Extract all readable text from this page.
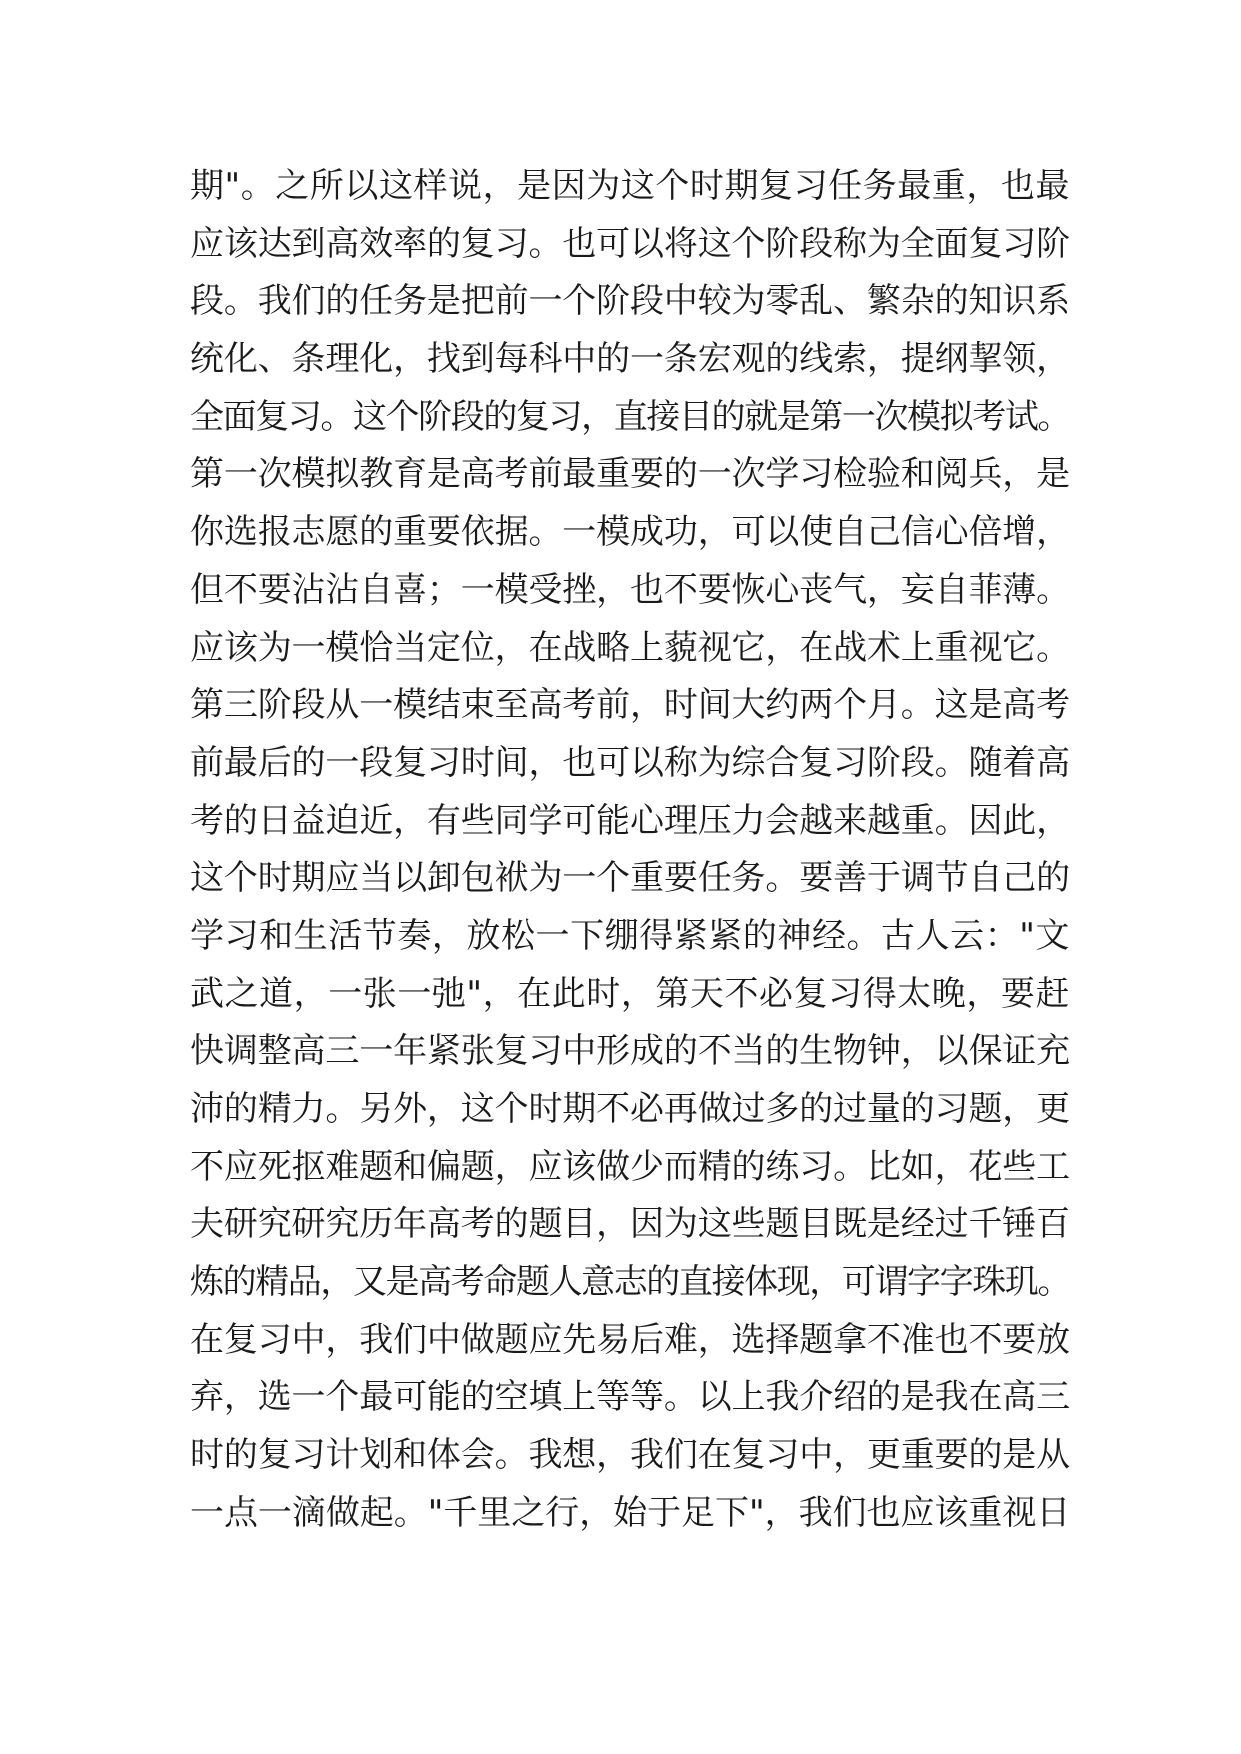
期"。之所以这样说，是因为这个时期复习任务最重，也最
应该达到高效率的复习。也可以将这个阶段称为全面复习阶
段。我们的任务是把前一个阶段中较为零乱、繁杂的知识系
统化、条理化，找到每科中的一条宏观的线索，提纲挈领，
全面复习。这个阶段的复习，直接目的就是第一次模拟考试。
第一次模拟教育是高考前最重要的一次学习检验和阅兵，是
你选报志愿的重要依据。一模成功，可以使自己信心倍增，
但不要沾沾自喜；一模受挫，也不要恢心丧气，妄自菲薄。
应该为一模恰当定位，在战略上藐视它，在战术上重视它。
第三阶段从一模结束至高考前，时间大约两个月。这是高考
前最后的一段复习时间，也可以称为综合复习阶段。随着高
考的日益迫近，有些同学可能心理压力会越来越重。因此，
这个时期应当以卸包袱为一个重要任务。要善于调节自己的
学习和生活节奏，放松一下绷得紧紧的神经。古人云："文
武之道，一张一弛"，在此时，第天不必复习得太晚，要赶
快调整高三一年紧张复习中形成的不当的生物钟，以保证充
沛的精力。另外，这个时期不必再做过多的过量的习题，更
不应死抠难题和偏题，应该做少而精的练习。比如，花些工
夫研究研究历年高考的题目，因为这些题目既是经过千锤百
炼的精品，又是高考命题人意志的直接体现，可谓字字珠玑。
在复习中，我们中做题应先易后难，选择题拿不准也不要放
弃，选一个最可能的空填上等等。以上我介绍的是我在高三
时的复习计划和体会。我想，我们在复习中，更重要的是从
一点一滴做起。"千里之行，始于足下"，我们也应该重视日
